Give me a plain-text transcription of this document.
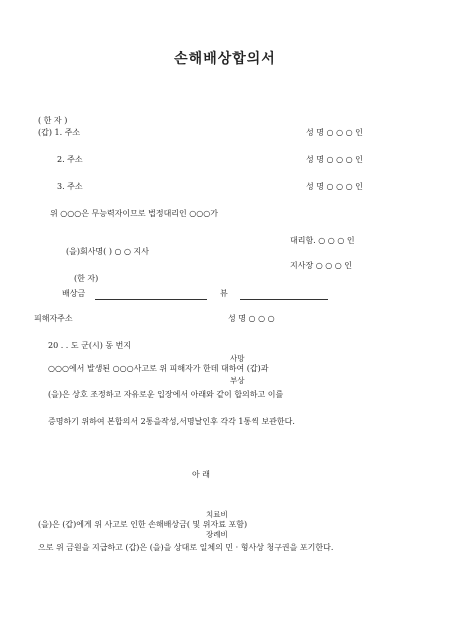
손해배상합의서
( 한 자 )
(갑) 1. 주소	성 명 ○ ○ ○ 인
2. 주소	성 명 ○ ○ ○ 인
3. 주소	성 명 ○ ○ ○ 인
위 ○○○은 무능력자이므로 법정대리인 ○○○가
대리함. ○ ○ ○ 인
(을)회사명( ) ○ ○ 지사
지사장 ○ ○ ○ 인
(한 자)
배상금	뷰
피해자주소	성 명 ○ ○ ○
20 . . 도 군(시) 동 번지
사망
○○○에서 발생된 ○○○사고로 위 피해자가 한데 대하여 (갑)과
부상
(을)은 상호 조정하고 자유로운 입장에서 아래와 같이 합의하고 이를
증명하기 위하여 본합의서 2통을작성,서명날인후 각각 1통씩 보관한다.
아 래
치료비
(을)은 (갑)에게 위 사고로 인한 손해배상금( 및 위자료 포함)
장례비
으로 위 금원을 지급하고 (갑)은 (을)을 상대로 일체의 민 · 형사상 청구권을 포기한다.
